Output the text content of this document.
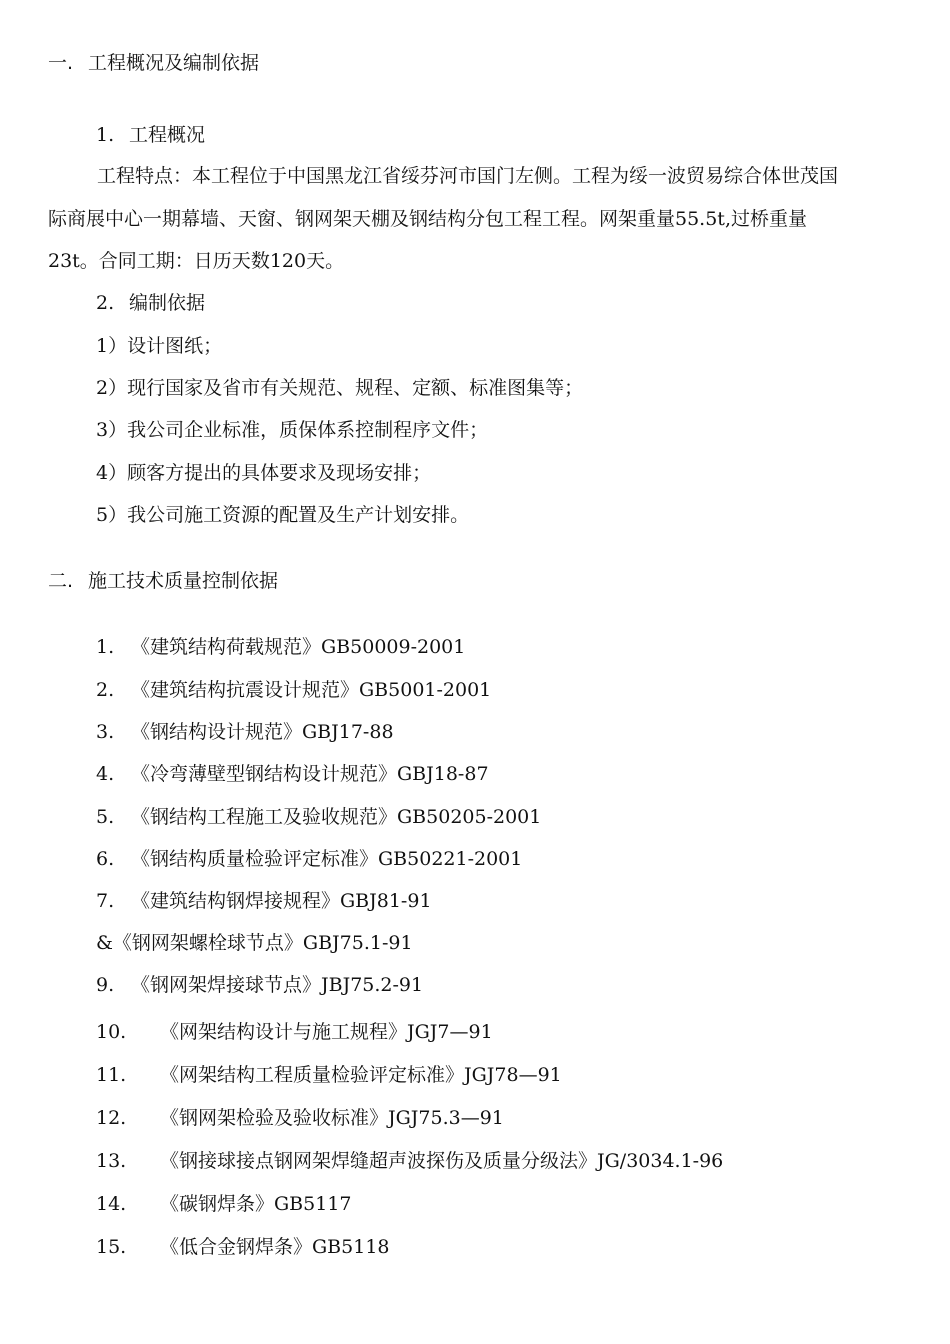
一. 工程概况及编制依据
1. 工程概况
工程特点：本工程位于中国黑龙江省绥芬河市国门左侧。工程为绥一波贸易综合体世茂国
际商展中心一期幕墙、天窗、钢网架天棚及钢结构分包工程工程。网架重量55.5t,过桥重量
23t。合同工期：日历天数120天。
2. 编制依据
1）设计图纸；
2）现行国家及省市有关规范、规程、定额、标准图集等；
3）我公司企业标准，质保体系控制程序文件；
4）顾客方提出的具体要求及现场安排；
5）我公司施工资源的配置及生产计划安排。
二. 施工技术质量控制依据
1. 《建筑结构荷载规范》GB50009-2001
2. 《建筑结构抗震设计规范》GB5001-2001
3. 《钢结构设计规范》GBJ17-88
4. 《冷弯薄壁型钢结构设计规范》GBJ18-87
5. 《钢结构工程施工及验收规范》GB50205-2001
6. 《钢结构质量检验评定标准》GB50221-2001
7. 《建筑结构钢焊接规程》GBJ81-91
&《钢网架螺栓球节点》GBJ75.1-91
9. 《钢网架焊接球节点》JBJ75.2-91
10. 《网架结构设计与施工规程》JGJ7—91
11. 《网架结构工程质量检验评定标准》JGJ78—91
12. 《钢网架检验及验收标准》JGJ75.3—91
13. 《钢接球接点钢网架焊缝超声波探伤及质量分级法》JG/3034.1-96
14. 《碳钢焊条》GB5117
15. 《低合金钢焊条》GB5118
